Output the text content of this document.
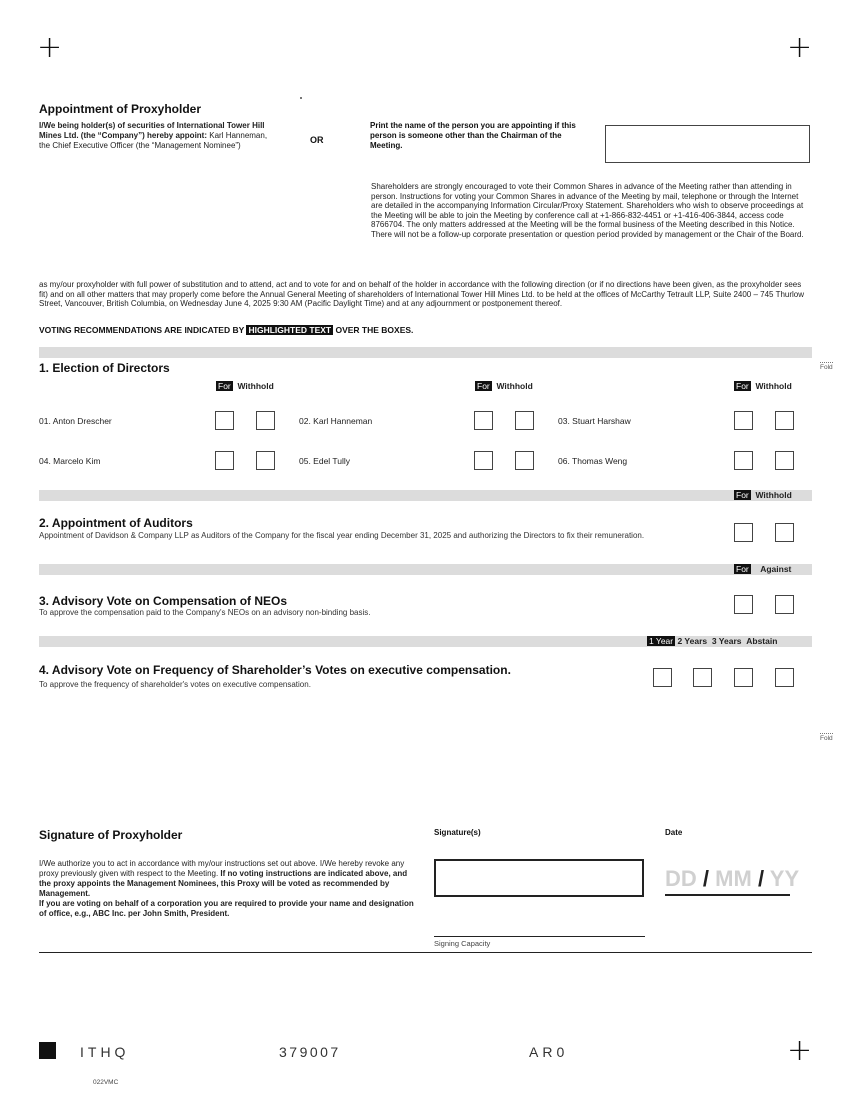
+	+
Appointment of Proxyholder
I/We being holder(s) of securities of International Tower Hill Mines Ltd. (the “Company”) hereby appoint: Karl Hanneman, the Chief Executive Officer (the “Management Nominee”)
OR
Print the name of the person you are appointing if this person is someone other than the Chairman of the Meeting.
Shareholders are strongly encouraged to vote their Common Shares in advance of the Meeting rather than attending in person. Instructions for voting your Common Shares in advance of the Meeting by mail, telephone or through the Internet are detailed in the accompanying Information Circular/Proxy Statement. Shareholders who wish to observe proceedings at the Meeting will be able to join the Meeting by conference call at +1-866-832-4451 or +1-416-406-3844, access code 8766704. The only matters addressed at the Meeting will be the formal business of the Meeting described in this Notice. There will not be a follow-up corporate presentation or question period provided by management or the Chair of the Board.
as my/our proxyholder with full power of substitution and to attend, act and to vote for and on behalf of the holder in accordance with the following direction (or if no directions have been given, as the proxyholder sees fit) and on all other matters that may properly come before the Annual General Meeting of shareholders of International Tower Hill Mines Ltd. to be held at the offices of McCarthy Tetrault LLP, Suite 2400 – 745 Thurlow Street, Vancouver, British Columbia, on Wednesday June 4, 2025 9:30 AM (Pacific Daylight Time) and at any adjournment or postponement thereof.
VOTING RECOMMENDATIONS ARE INDICATED BY HIGHLIGHTED TEXT OVER THE BOXES.
Fold
1. Election of Directors
For Withhold	For Withhold	For Withhold
01. Anton Drescher	02. Karl Hanneman	03. Stuart Harshaw
04. Marcelo Kim	05. Edel Tully	06. Thomas Weng
For Withhold
2. Appointment of Auditors
Appointment of Davidson & Company LLP as Auditors of the Company for the fiscal year ending December 31, 2025 and authorizing the Directors to fix their remuneration.
For Against
3. Advisory Vote on Compensation of NEOs
To approve the compensation paid to the Company's NEOs on an advisory non-binding basis.
1 Year 2 Years 3 Years Abstain
4. Advisory Vote on Frequency of Shareholder’s Votes on executive compensation.
To approve the frequency of shareholder's votes on executive compensation.
Fold
Signature of Proxyholder
I/We authorize you to act in accordance with my/our instructions set out above. I/We hereby revoke any proxy previously given with respect to the Meeting. If no voting instructions are indicated above, and the proxy appoints the Management Nominees, this Proxy will be voted as recommended by Management.
If you are voting on behalf of a corporation you are required to provide your name and designation of office, e.g., ABC Inc. per John Smith, President.
Signature(s)
Signing Capacity
Date
DD / MM / YY
ITHQ	379007	AR0	+
022VMC
